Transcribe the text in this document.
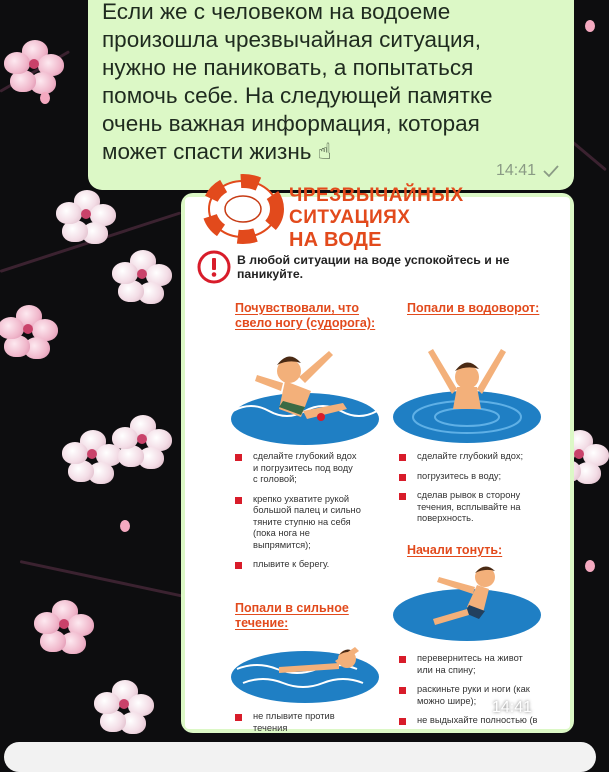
Если же с человеком на водоеме
произошла чрезвычайная ситуация,
нужно не паниковать, а попытаться
помочь себе. На следующей памятке
очень важная информация, которая
может спасти жизнь ☝
14:41
ЧРЕЗВЫЧАЙНЫХ СИТУАЦИЯХ
НА ВОДЕ
В любой ситуации на воде успокойтесь и не паникуйте.
Почувствовали, что
свело ногу (судорога):
сделайте глубокий вдох
и погрузитесь под воду
с головой;
крепко ухватите рукой
большой палец и сильно
тяните ступню на себя
(пока нога не
выпрямится);
плывите к берегу.
Попали в водоворот:
сделайте глубокий вдох;
погрузитесь в воду;
сделав рывок в сторону
течения, всплывайте на
поверхность.
Начали тонуть:
перевернитесь на живот
или на спину;
раскиньте руки и ноги (как
можно шире);
не выдыхайте полностью (в
Попали в сильное
течение:
не плывите против
течения
14:41
